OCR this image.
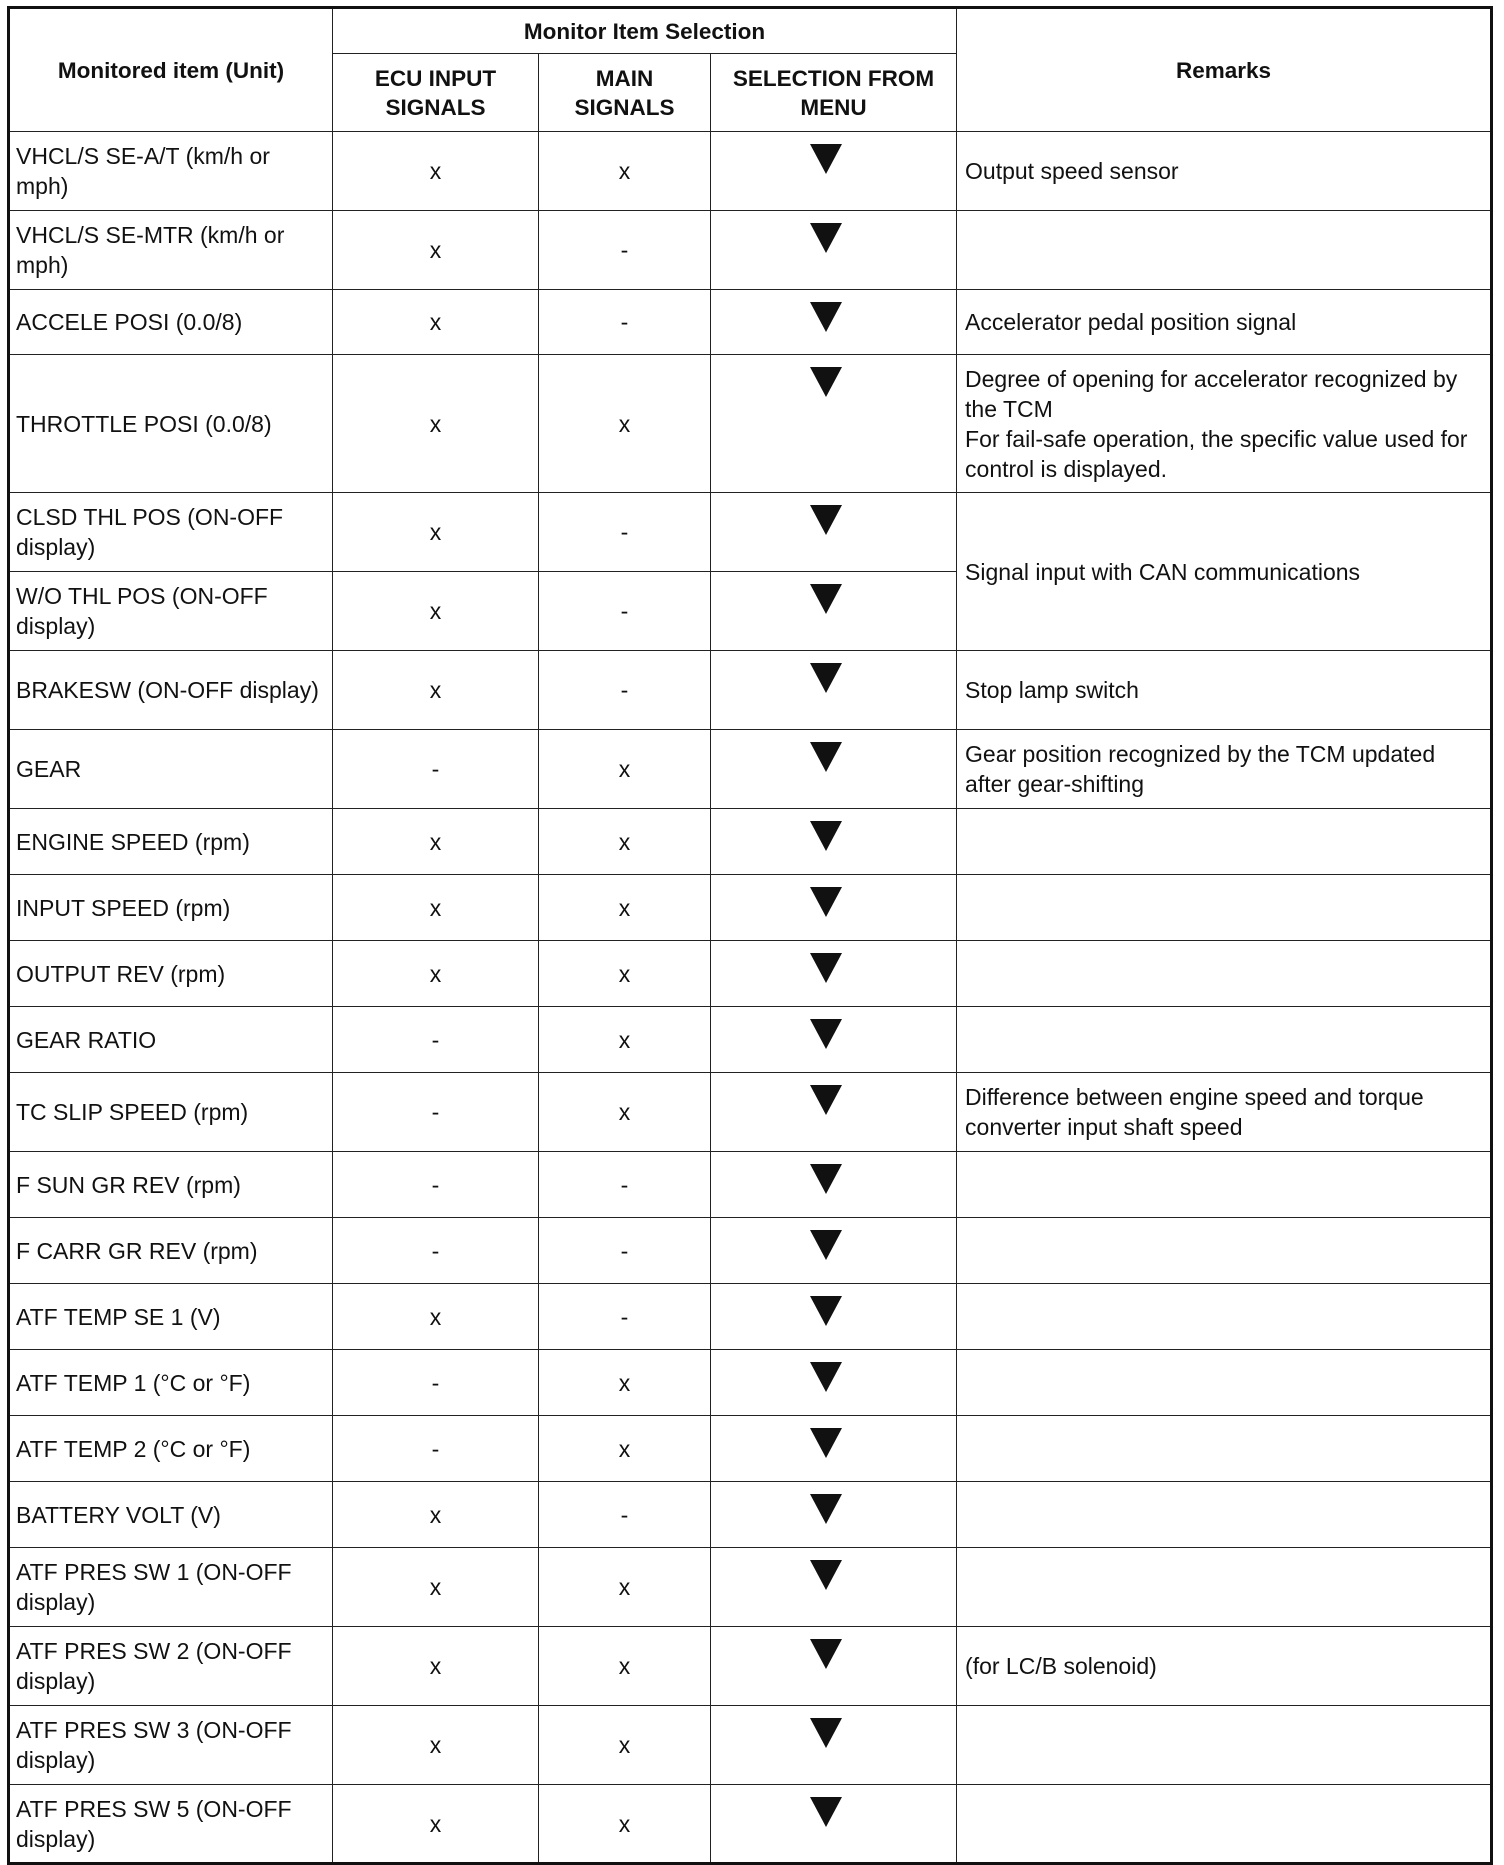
Monitored item (Unit)	Monitor Item Selection			Remarks
	ECU INPUT SIGNALS	MAIN SIGNALS	SELECTION FROM MENU	
VHCL/S SE-A/T (km/h or mph)	x	x		Output speed sensor

VHCL/S SE-MTR (km/h or mph)	x	-		
ACCELE POSI (0.0/8)	x	-		Accelerator pedal position signal

THROTTLE POSI (0.0/8)	x	x		Degree of opening for accelerator recognized by the TCM
For fail-safe operation, the specific value used for control is displayed.

CLSD THL POS (ON-OFF display)	x	-		Signal input with CAN communications

W/O THL POS (ON-OFF display)	x	-		
BRAKESW (ON-OFF display)	x	-		Stop lamp switch

GEAR	-	x		Gear position recognized by the TCM updated after gear-shifting

ENGINE SPEED (rpm)	x	x		
INPUT SPEED (rpm)	x	x		
OUTPUT REV (rpm)	x	x		
GEAR RATIO	-	x		
TC SLIP SPEED (rpm)	-	x		Difference between engine speed and torque converter input shaft speed

F SUN GR REV (rpm)	-	-		
F CARR GR REV (rpm)	-	-		
ATF TEMP SE 1 (V)	x	-		
ATF TEMP 1 (°C or °F)	-	x		
ATF TEMP 2 (°C or °F)	-	x		
BATTERY VOLT (V)	x	-		
ATF PRES SW 1 (ON-OFF display)	x	x		
ATF PRES SW 2 (ON-OFF display)	x	x		(for LC/B solenoid)

ATF PRES SW 3 (ON-OFF display)	x	x		
ATF PRES SW 5 (ON-OFF display)	x	x		
